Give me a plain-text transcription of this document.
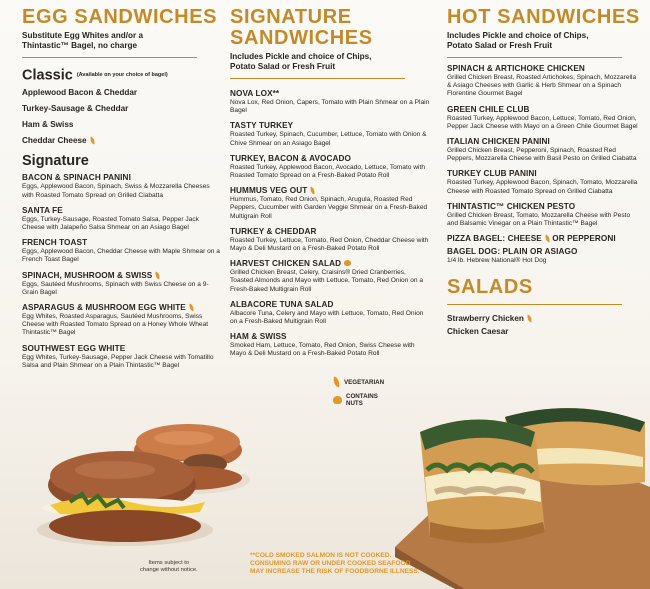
EGG SANDWICHES
Substitute Egg Whites and/or a Thintastic™ Bagel, no charge
Classic (Available on your choice of bagel)
Applewood Bacon & Cheddar
Turkey-Sausage & Cheddar
Ham & Swiss
Cheddar Cheese
Signature
BACON & SPINACH PANINI
Eggs, Applewood Bacon, Spinach, Swiss & Mozzarella Cheeses with Roasted Tomato Spread on Grilled Ciabatta
SANTA FE
Eggs, Turkey-Sausage, Roasted Tomato Salsa, Pepper Jack Cheese with Jalapeño Salsa Shmear on an Asiago Bagel
FRENCH TOAST
Eggs, Applewood Bacon, Cheddar Cheese with Maple Shmear on a French Toast Bagel
SPINACH, MUSHROOM & SWISS
Eggs, Sautéed Mushrooms, Spinach with Swiss Cheese on a 9-Grain Bagel
ASPARAGUS & MUSHROOM EGG WHITE
Egg Whites, Roasted Asparagus, Sautéed Mushrooms, Swiss Cheese with Roasted Tomato Spread on a Honey Whole Wheat Thintastic™ Bagel
SOUTHWEST EGG WHITE
Egg Whites, Turkey-Sausage, Pepper Jack Cheese with Tomatillo Salsa and Plain Shmear on a Plain Thintastic™ Bagel
SIGNATURE
SANDWICHES
Includes Pickle and choice of Chips, Potato Salad or Fresh Fruit
NOVA LOX**
Nova Lox, Red Onion, Capers, Tomato with Plain Shmear on a Plain Bagel
TASTY TURKEY
Roasted Turkey, Spinach, Cucumber, Lettuce, Tomato with Onion & Chive Shmear on an Asiago Bagel
TURKEY, BACON & AVOCADO
Roasted Turkey, Applewood Bacon, Avocado, Lettuce, Tomato with Roasted Tomato Spread on a Fresh-Baked Potato Roll
HUMMUS VEG OUT
Hummus, Tomato, Red Onion, Spinach, Arugula, Roasted Red Peppers, Cucumber with Garden Veggie Shmear on a Fresh-Baked Multigrain Roll
TURKEY & CHEDDAR
Roasted Turkey, Lettuce, Tomato, Red Onion, Cheddar Cheese with Mayo & Deli Mustard on a Fresh-Baked Potato Roll
HARVEST CHICKEN SALAD
Grilled Chicken Breast, Celery, Craisins® Dried Cranberries, Toasted Almonds and Mayo with Lettuce, Tomato, Red Onion on a Fresh-Baked Multigrain Roll
ALBACORE TUNA SALAD
Albacore Tuna, Celery and Mayo with Lettuce, Tomato, Red Onion on a Fresh-Baked Multigrain Roll
HAM & SWISS
Smoked Ham, Lettuce, Tomato, Red Onion, Swiss Cheese with Mayo & Deli Mustard on a Fresh-Baked Potato Roll
HOT SANDWICHES
Includes Pickle and choice of Chips, Potato Salad or Fresh Fruit
SPINACH & ARTICHOKE CHICKEN
Grilled Chicken Breast, Roasted Artichokes, Spinach, Mozzarella & Asiago Cheeses with Garlic & Herb Shmear on a Spinach Florentine Gourmet Bagel
GREEN CHILE CLUB
Roasted Turkey, Applewood Bacon, Lettuce, Tomato, Red Onion, Pepper Jack Cheese with Mayo on a Green Chile Gourmet Bagel
ITALIAN CHICKEN PANINI
Grilled Chicken Breast, Pepperoni, Spinach, Roasted Red Peppers, Mozzarella Cheese with Basil Pesto on Grilled Ciabatta
TURKEY CLUB PANINI
Roasted Turkey, Applewood Bacon, Spinach, Tomato, Mozzarella Cheese with Roasted Tomato Spread on Grilled Ciabatta
THINTASTIC™ CHICKEN PESTO
Grilled Chicken Breast, Tomato, Mozzarella Cheese with Pesto and Balsamic Vinegar on a Plain Thintastic™ Bagel
PIZZA BAGEL: CHEESE OR PEPPERONI
BAGEL DOG: PLAIN OR ASIAGO
1/4 lb. Hebrew National® Hot Dog
SALADS
Strawberry Chicken
Chicken Caesar
VEGETARIAN
CONTAINS
NUTS
Items subject to
change without notice.
**COLD SMOKED SALMON IS NOT COOKED.
CONSUMING RAW OR UNDER COOKED SEAFOOD
MAY INCREASE THE RISK OF FOODBORNE ILLNESS.
